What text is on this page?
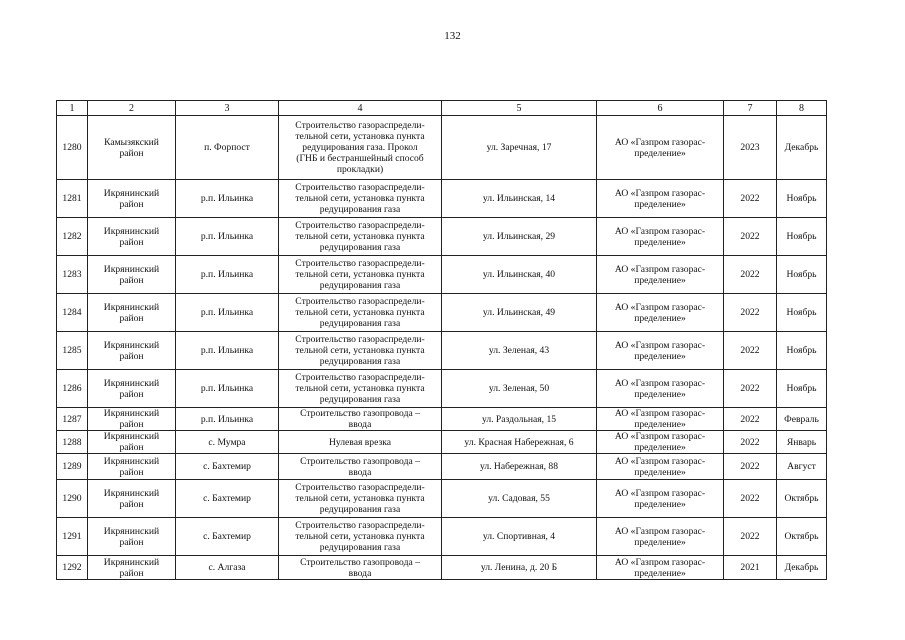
132
1	2	3	4	5	6	7	8
1280	Камызякский
район	п. Форпост	Строительство газораспредели-
тельной сети, установка пункта
редуцирования газа. Прокол
(ГНБ и бестраншейный способ
прокладки)	ул. Заречная, 17	АО «Газпром газорас-
пределение»	2023	Декабрь
1281	Икрянинский
район	р.п. Ильинка	Строительство газораспредели-
тельной сети, установка пункта
редуцирования газа	ул. Ильинская, 14	АО «Газпром газорас-
пределение»	2022	Ноябрь
1282	Икрянинский
район	р.п. Ильинка	Строительство газораспредели-
тельной сети, установка пункта
редуцирования газа	ул. Ильинская, 29	АО «Газпром газорас-
пределение»	2022	Ноябрь
1283	Икрянинский
район	р.п. Ильинка	Строительство газораспредели-
тельной сети, установка пункта
редуцирования газа	ул. Ильинская, 40	АО «Газпром газорас-
пределение»	2022	Ноябрь
1284	Икрянинский
район	р.п. Ильинка	Строительство газораспредели-
тельной сети, установка пункта
редуцирования газа	ул. Ильинская, 49	АО «Газпром газорас-
пределение»	2022	Ноябрь
1285	Икрянинский
район	р.п. Ильинка	Строительство газораспредели-
тельной сети, установка пункта
редуцирования газа	ул. Зеленая, 43	АО «Газпром газорас-
пределение»	2022	Ноябрь
1286	Икрянинский
район	р.п. Ильинка	Строительство газораспредели-
тельной сети, установка пункта
редуцирования газа	ул. Зеленая, 50	АО «Газпром газорас-
пределение»	2022	Ноябрь
1287	Икрянинский
район	р.п. Ильинка	Строительство газопровода –
ввода	ул. Раздольная, 15	АО «Газпром газорас-
пределение»	2022	Февраль
1288	Икрянинский
район	с. Мумра	Нулевая врезка	ул. Красная Набережная, 6	АО «Газпром газорас-
пределение»	2022	Январь
1289	Икрянинский
район	с. Бахтемир	Строительство газопровода –
ввода	ул. Набережная, 88	АО «Газпром газорас-
пределение»	2022	Август
1290	Икрянинский
район	с. Бахтемир	Строительство газораспредели-
тельной сети, установка пункта
редуцирования газа	ул. Садовая, 55	АО «Газпром газорас-
пределение»	2022	Октябрь
1291	Икрянинский
район	с. Бахтемир	Строительство газораспредели-
тельной сети, установка пункта
редуцирования газа	ул. Спортивная, 4	АО «Газпром газорас-
пределение»	2022	Октябрь
1292	Икрянинский
район	с. Алгаза	Строительство газопровода –
ввода	ул. Ленина, д. 20 Б	АО «Газпром газорас-
пределение»	2021	Декабрь
